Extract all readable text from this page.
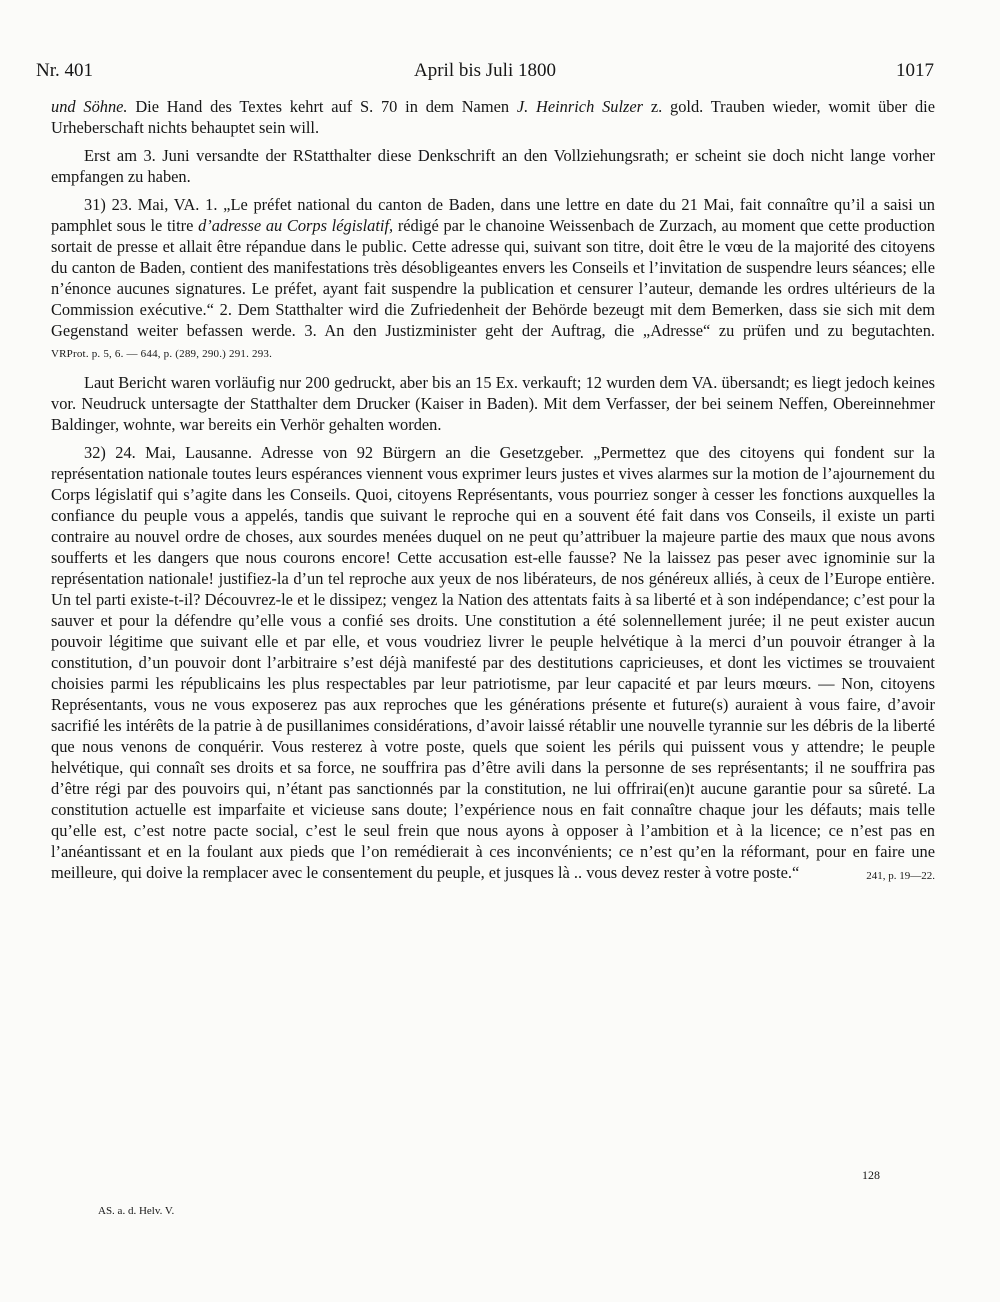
Nr. 401	April bis Juli 1800	1017

und Söhne. Die Hand des Textes kehrt auf S. 70 in dem Namen J. Heinrich Sulzer z. gold. Trauben wieder, womit über die Urheberschaft nichts behauptet sein will.

Erst am 3. Juni versandte der RStatthalter diese Denkschrift an den Vollziehungsrath; er scheint sie doch nicht lange vorher empfangen zu haben.

31) 23. Mai, VA. 1. „Le préfet national du canton de Baden, dans une lettre en date du 21 Mai, fait connaître qu’il a saisi un pamphlet sous le titre d’adresse au Corps législatif, rédigé par le chanoine Weissenbach de Zurzach, au moment que cette production sortait de presse et allait être répandue dans le public. Cette adresse qui, suivant son titre, doit être le vœu de la majorité des citoyens du canton de Baden, contient des manifestations très désobligeantes envers les Conseils et l’invitation de suspendre leurs séances; elle n’énonce aucunes signatures. Le préfet, ayant fait suspendre la publication et censurer l’auteur, demande les ordres ultérieurs de la Commission exécutive.“ 2. Dem Statthalter wird die Zufriedenheit der Behörde bezeugt mit dem Bemerken, dass sie sich mit dem Gegenstand weiter befassen werde. 3. An den Justizminister geht der Auftrag, die „Adresse“ zu prüfen und zu begutachten. VRProt. p. 5, 6. — 644, p. (289, 290.) 291. 293.

Laut Bericht waren vorläufig nur 200 gedruckt, aber bis an 15 Ex. verkauft; 12 wurden dem VA. übersandt; es liegt jedoch keines vor. Neudruck untersagte der Statthalter dem Drucker (Kaiser in Baden). Mit dem Verfasser, der bei seinem Neffen, Obereinnehmer Baldinger, wohnte, war bereits ein Verhör gehalten worden.

32) 24. Mai, Lausanne. Adresse von 92 Bürgern an die Gesetzgeber. „Permettez que des citoyens qui fondent sur la représentation nationale toutes leurs espérances viennent vous exprimer leurs justes et vives alarmes sur la motion de l’ajournement du Corps législatif qui s’agite dans les Conseils. Quoi, citoyens Représentants, vous pourriez songer à cesser les fonctions auxquelles la confiance du peuple vous a appelés, tandis que suivant le reproche qui en a souvent été fait dans vos Conseils, il existe un parti contraire au nouvel ordre de choses, aux sourdes menées duquel on ne peut qu’attribuer la majeure partie des maux que nous avons soufferts et les dangers que nous courons encore! Cette accusation est-elle fausse? Ne la laissez pas peser avec ignominie sur la représentation nationale! justifiez-la d’un tel reproche aux yeux de nos libérateurs, de nos généreux alliés, à ceux de l’Europe entière. Un tel parti existe-t-il? Découvrez-le et le dissipez; vengez la Nation des attentats faits à sa liberté et à son indépendance; c’est pour la sauver et pour la défendre qu’elle vous a confié ses droits. Une constitution a été solennellement jurée; il ne peut exister aucun pouvoir légitime que suivant elle et par elle, et vous voudriez livrer le peuple helvétique à la merci d’un pouvoir étranger à la constitution, d’un pouvoir dont l’arbitraire s’est déjà manifesté par des destitutions capricieuses, et dont les victimes se trouvaient choisies parmi les républicains les plus respectables par leur patriotisme, par leur capacité et par leurs mœurs. — Non, citoyens Représentants, vous ne vous exposerez pas aux reproches que les générations présente et future(s) auraient à vous faire, d’avoir sacrifié les intérêts de la patrie à de pusillanimes considérations, d’avoir laissé rétablir une nouvelle tyrannie sur les débris de la liberté que nous venons de conquérir. Vous resterez à votre poste, quels que soient les périls qui puissent vous y attendre; le peuple helvétique, qui connaît ses droits et sa force, ne souffrira pas d’être avili dans la personne de ses représentants; il ne souffrira pas d’être régi par des pouvoirs qui, n’étant pas sanctionnés par la constitution, ne lui offrirai(en)t aucune garantie pour sa sûreté. La constitution actuelle est imparfaite et vicieuse sans doute; l’expérience nous en fait connaître chaque jour les défauts; mais telle qu’elle est, c’est notre pacte social, c’est le seul frein que nous ayons à opposer à l’ambition et à la licence; ce n’est pas en l’anéantissant et en la foulant aux pieds que l’on remédierait à ces inconvénients; ce n’est qu’en la réformant, pour en faire une meilleure, qui doive la remplacer avec le consentement du peuple, et jusques là .. vous devez rester à votre poste.“	241, p. 19—22.

128
AS. a. d. Helv. V.
